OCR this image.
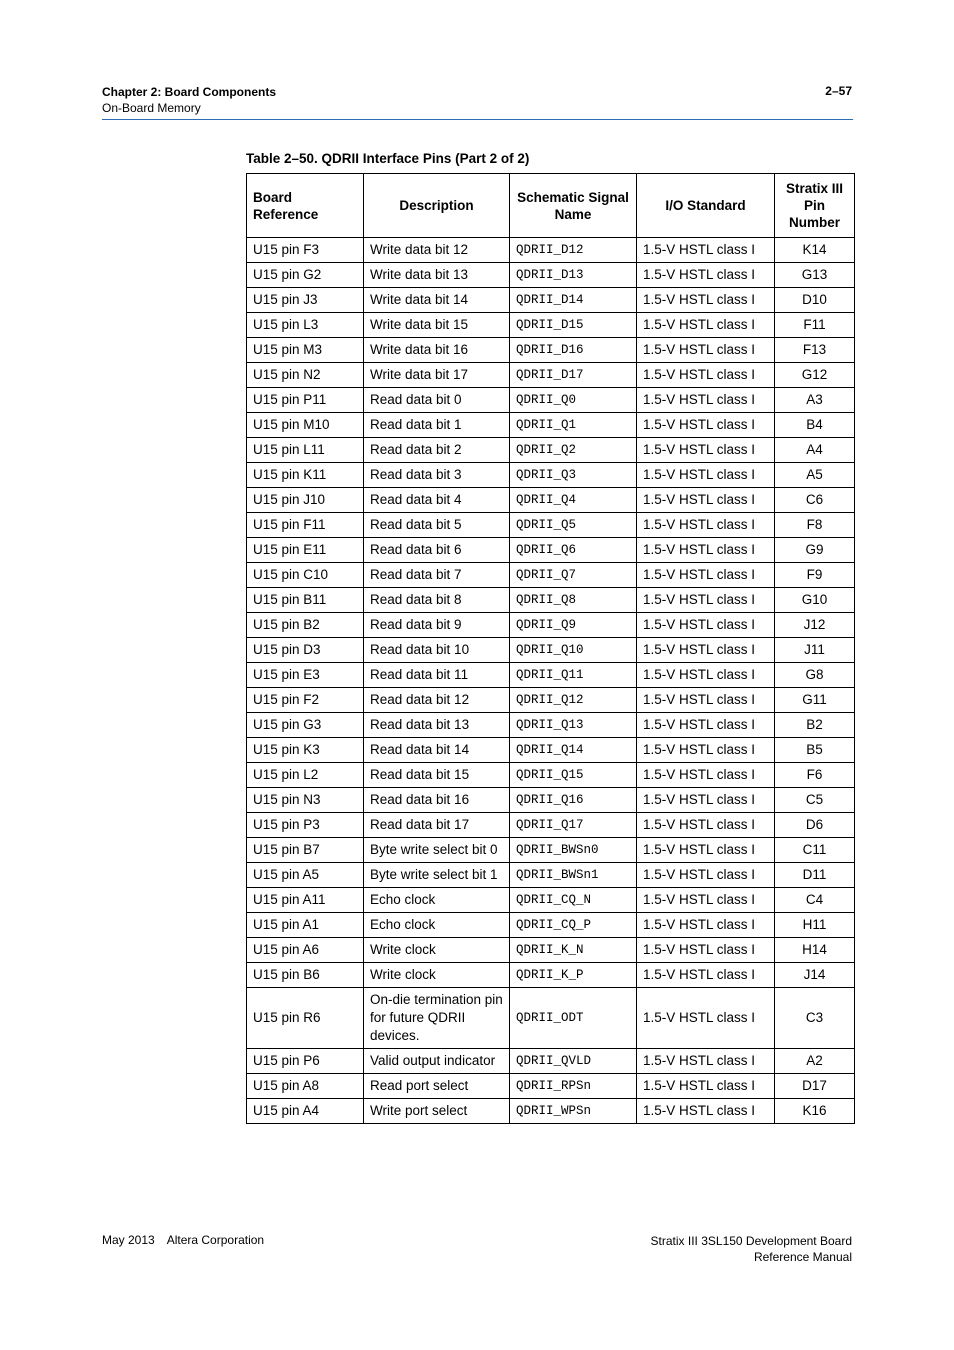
Chapter 2: Board Components
On-Board Memory
2–57
Table 2–50. QDRII Interface Pins (Part 2 of 2)
Board Reference	Description	Schematic Signal Name	I/O Standard	Stratix III Pin Number
U15 pin F3	Write data bit 12	QDRII_D12	1.5-V HSTL class I	K14
U15 pin G2	Write data bit 13	QDRII_D13	1.5-V HSTL class I	G13
U15 pin J3	Write data bit 14	QDRII_D14	1.5-V HSTL class I	D10
U15 pin L3	Write data bit 15	QDRII_D15	1.5-V HSTL class I	F11
U15 pin M3	Write data bit 16	QDRII_D16	1.5-V HSTL class I	F13
U15 pin N2	Write data bit 17	QDRII_D17	1.5-V HSTL class I	G12
U15 pin P11	Read data bit 0	QDRII_Q0	1.5-V HSTL class I	A3
U15 pin M10	Read data bit 1	QDRII_Q1	1.5-V HSTL class I	B4
U15 pin L11	Read data bit 2	QDRII_Q2	1.5-V HSTL class I	A4
U15 pin K11	Read data bit 3	QDRII_Q3	1.5-V HSTL class I	A5
U15 pin J10	Read data bit 4	QDRII_Q4	1.5-V HSTL class I	C6
U15 pin F11	Read data bit 5	QDRII_Q5	1.5-V HSTL class I	F8
U15 pin E11	Read data bit 6	QDRII_Q6	1.5-V HSTL class I	G9
U15 pin C10	Read data bit 7	QDRII_Q7	1.5-V HSTL class I	F9
U15 pin B11	Read data bit 8	QDRII_Q8	1.5-V HSTL class I	G10
U15 pin B2	Read data bit 9	QDRII_Q9	1.5-V HSTL class I	J12
U15 pin D3	Read data bit 10	QDRII_Q10	1.5-V HSTL class I	J11
U15 pin E3	Read data bit 11	QDRII_Q11	1.5-V HSTL class I	G8
U15 pin F2	Read data bit 12	QDRII_Q12	1.5-V HSTL class I	G11
U15 pin G3	Read data bit 13	QDRII_Q13	1.5-V HSTL class I	B2
U15 pin K3	Read data bit 14	QDRII_Q14	1.5-V HSTL class I	B5
U15 pin L2	Read data bit 15	QDRII_Q15	1.5-V HSTL class I	F6
U15 pin N3	Read data bit 16	QDRII_Q16	1.5-V HSTL class I	C5
U15 pin P3	Read data bit 17	QDRII_Q17	1.5-V HSTL class I	D6
U15 pin B7	Byte write select bit 0	QDRII_BWSn0	1.5-V HSTL class I	C11
U15 pin A5	Byte write select bit 1	QDRII_BWSn1	1.5-V HSTL class I	D11
U15 pin A11	Echo clock	QDRII_CQ_N	1.5-V HSTL class I	C4
U15 pin A1	Echo clock	QDRII_CQ_P	1.5-V HSTL class I	H11
U15 pin A6	Write clock	QDRII_K_N	1.5-V HSTL class I	H14
U15 pin B6	Write clock	QDRII_K_P	1.5-V HSTL class I	J14
U15 pin R6	On-die termination pin for future QDRII devices.	QDRII_ODT	1.5-V HSTL class I	C3
U15 pin P6	Valid output indicator	QDRII_QVLD	1.5-V HSTL class I	A2
U15 pin A8	Read port select	QDRII_RPSn	1.5-V HSTL class I	D17
U15 pin A4	Write port select	QDRII_WPSn	1.5-V HSTL class I	K16
May 2013 Altera Corporation	Stratix III 3SL150 Development Board
Reference Manual
